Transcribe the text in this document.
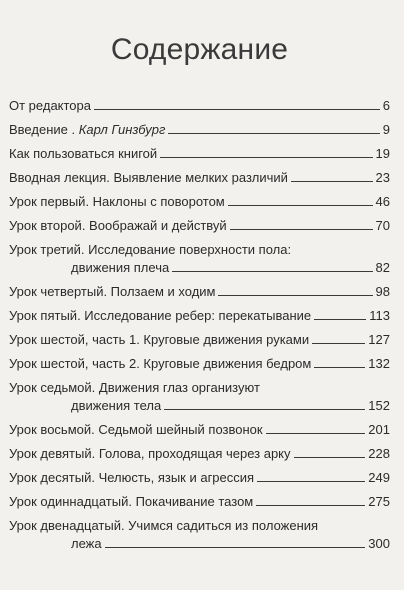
Содержание
От редактора	6
Введение . Карл Гинзбург	9
Как пользоваться книгой	19
Вводная лекция. Выявление мелких различий	23
Урок первый. Наклоны с поворотом	46
Урок второй. Воображай и действуй	70
Урок третий. Исследование поверхности пола:
движения плеча	82
Урок четвертый. Ползаем и ходим	98
Урок пятый. Исследование ребер: перекатывание	113
Урок шестой, часть 1. Круговые движения руками	127
Урок шестой, часть 2. Круговые движения бедром	132
Урок седьмой. Движения глаз организуют
движения тела	152
Урок восьмой. Седьмой шейный позвонок	201
Урок девятый. Голова, проходящая через арку	228
Урок десятый. Челюсть, язык и агрессия	249
Урок одиннадцатый. Покачивание тазом	275
Урок двенадцатый. Учимся садиться из положения
лежа	300
